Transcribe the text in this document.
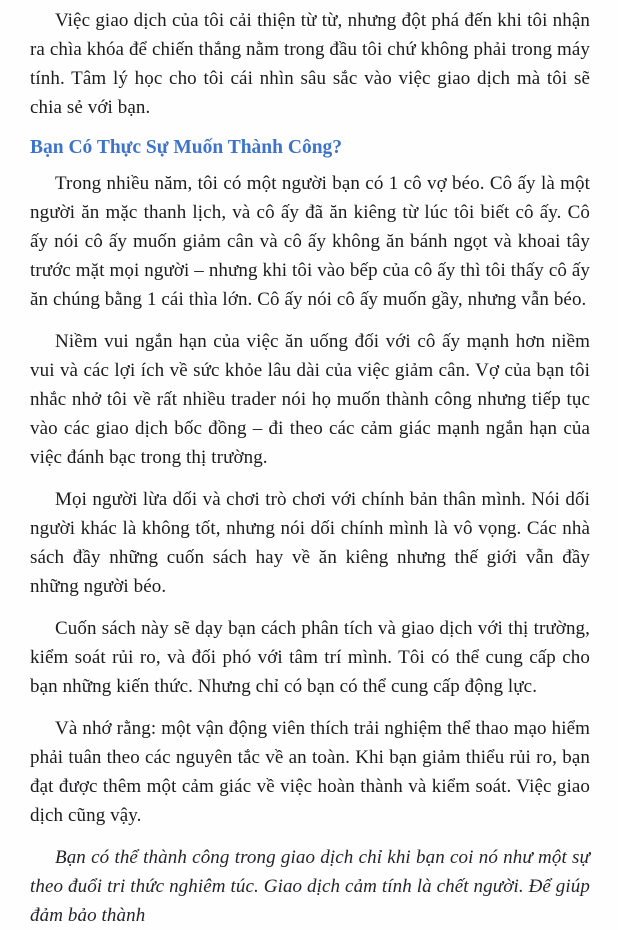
Việc giao dịch của tôi cải thiện từ từ, nhưng đột phá đến khi tôi nhận ra chìa khóa để chiến thắng nằm trong đầu tôi chứ không phải trong máy tính. Tâm lý học cho tôi cái nhìn sâu sắc vào việc giao dịch mà tôi sẽ chia sẻ với bạn.

Bạn Có Thực Sự Muốn Thành Công?

Trong nhiều năm, tôi có một người bạn có 1 cô vợ béo. Cô ấy là một người ăn mặc thanh lịch, và cô ấy đã ăn kiêng từ lúc tôi biết cô ấy. Cô ấy nói cô ấy muốn giảm cân và cô ấy không ăn bánh ngọt và khoai tây trước mặt mọi người – nhưng khi tôi vào bếp của cô ấy thì tôi thấy cô ấy ăn chúng bằng 1 cái thìa lớn. Cô ấy nói cô ấy muốn gầy, nhưng vẫn béo.

Niềm vui ngắn hạn của việc ăn uống đối với cô ấy mạnh hơn niềm vui và các lợi ích về sức khỏe lâu dài của việc giảm cân. Vợ của bạn tôi nhắc nhở tôi về rất nhiều trader nói họ muốn thành công nhưng tiếp tục vào các giao dịch bốc đồng – đi theo các cảm giác mạnh ngắn hạn của việc đánh bạc trong thị trường.

Mọi người lừa dối và chơi trò chơi với chính bản thân mình. Nói dối người khác là không tốt, nhưng nói dối chính mình là vô vọng. Các nhà sách đầy những cuốn sách hay về ăn kiêng nhưng thế giới vẫn đầy những người béo.

Cuốn sách này sẽ dạy bạn cách phân tích và giao dịch với thị trường, kiểm soát rủi ro, và đối phó với tâm trí mình. Tôi có thể cung cấp cho bạn những kiến thức. Nhưng chỉ có bạn có thể cung cấp động lực.

Và nhớ rằng: một vận động viên thích trải nghiệm thể thao mạo hiểm phải tuân theo các nguyên tắc về an toàn. Khi bạn giảm thiểu rủi ro, bạn đạt được thêm một cảm giác về việc hoàn thành và kiểm soát. Việc giao dịch cũng vậy.

Bạn có thể thành công trong giao dịch chỉ khi bạn coi nó như một sự theo đuổi tri thức nghiêm túc. Giao dịch cảm tính là chết người. Để giúp đảm bảo thành
